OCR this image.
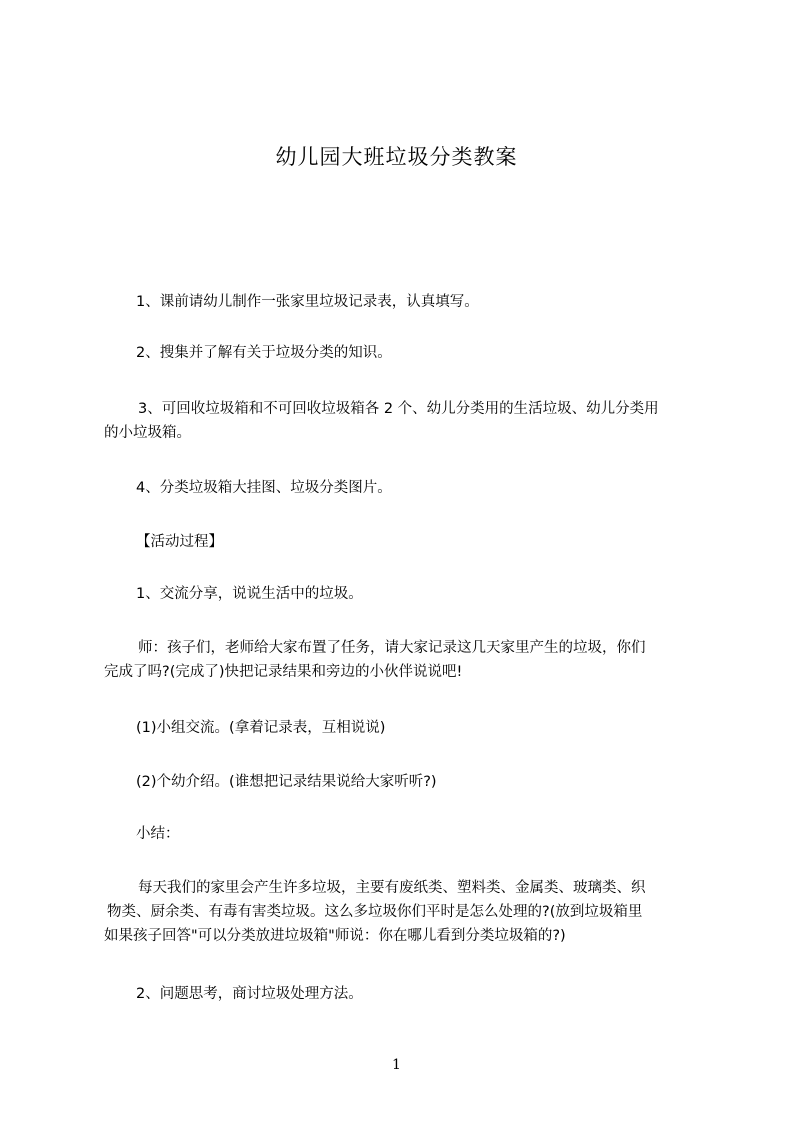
幼儿园大班垃圾分类教案
1、课前请幼儿制作一张家里垃圾记录表，认真填写。
2、搜集并了解有关于垃圾分类的知识。
3、可回收垃圾箱和不可回收垃圾箱各 2 个、幼儿分类用的生活垃圾、幼儿分类用
的小垃圾箱。
4、分类垃圾箱大挂图、垃圾分类图片。
【活动过程】
1、交流分享，说说生活中的垃圾。
师：孩子们，老师给大家布置了任务，请大家记录这几天家里产生的垃圾，你们
完成了吗?(完成了)快把记录结果和旁边的小伙伴说说吧!
(1)小组交流。(拿着记录表，互相说说)
(2)个幼介绍。(谁想把记录结果说给大家听听?)
小结：
每天我们的家里会产生许多垃圾，主要有废纸类、塑料类、金属类、玻璃类、织
物类、厨余类、有毒有害类垃圾。这么多垃圾你们平时是怎么处理的?(放到垃圾箱里
如果孩子回答"可以分类放进垃圾箱"师说：你在哪儿看到分类垃圾箱的?)
2、问题思考，商讨垃圾处理方法。
1
